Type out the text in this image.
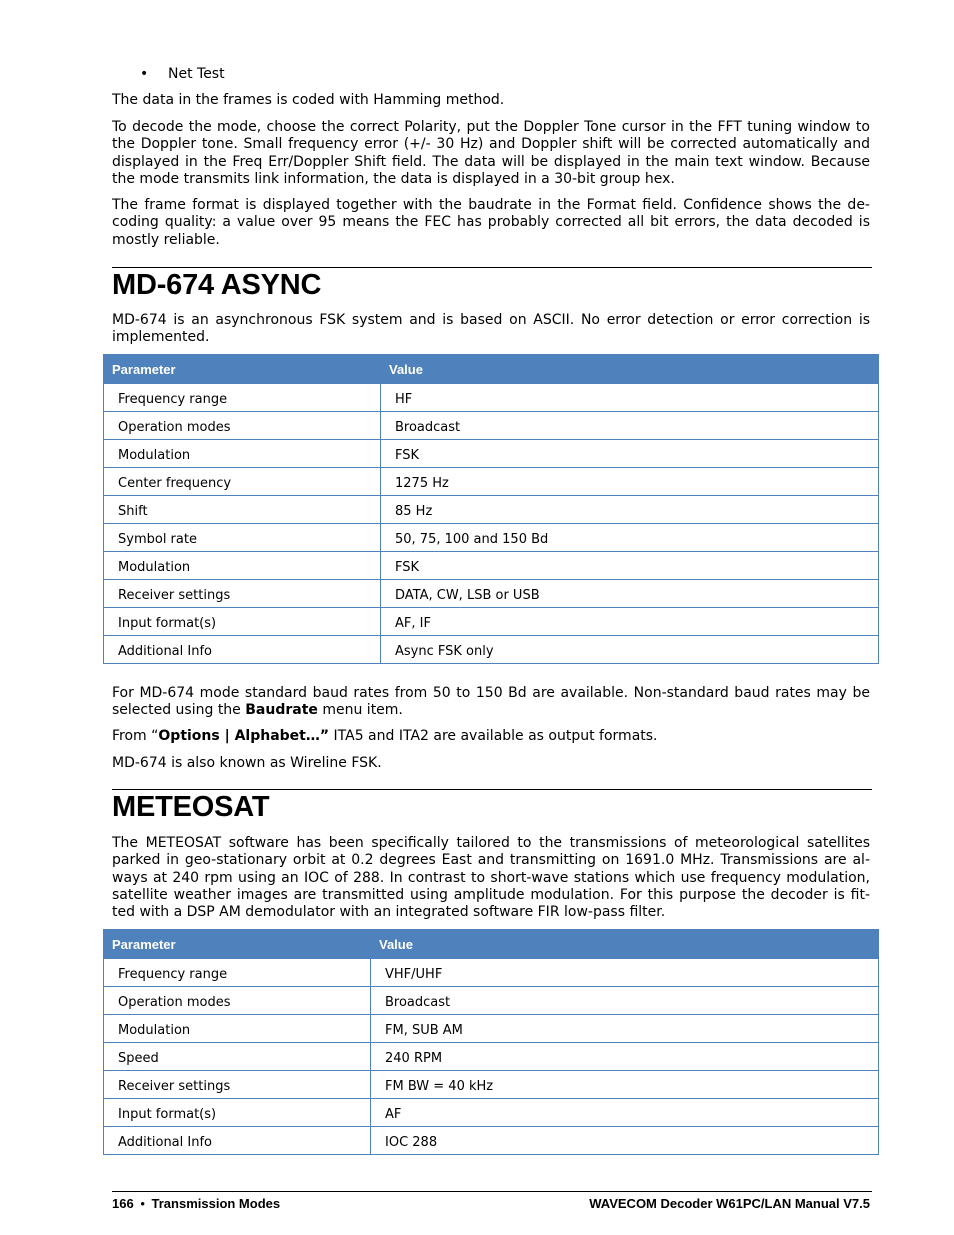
• Net Test

The data in the frames is coded with Hamming method.

To decode the mode, choose the correct Polarity, put the Doppler Tone cursor in the FFT tuning window to the Doppler tone. Small frequency error (+/- 30 Hz) and Doppler shift will be corrected automatically and displayed in the Freq Err/Doppler Shift field. The data will be displayed in the main text window. Because the mode transmits link information, the data is displayed in a 30-bit group hex.

The frame format is displayed together with the baudrate in the Format field. Confidence shows the de-coding quality: a value over 95 means the FEC has probably corrected all bit errors, the data decoded is mostly reliable.

MD-674 ASYNC

MD-674 is an asynchronous FSK system and is based on ASCII. No error detection or error correction is implemented.

Parameter	Value
Frequency range	HF
Operation modes	Broadcast
Modulation	FSK
Center frequency	1275 Hz
Shift	85 Hz
Symbol rate	50, 75, 100 and 150 Bd
Modulation	FSK
Receiver settings	DATA, CW, LSB or USB
Input format(s)	AF, IF
Additional Info	Async FSK only

For MD-674 mode standard baud rates from 50 to 150 Bd are available. Non-standard baud rates may be selected using the Baudrate menu item.

From “Options | Alphabet…” ITA5 and ITA2 are available as output formats.

MD-674 is also known as Wireline FSK.

METEOSAT

The METEOSAT software has been specifically tailored to the transmissions of meteorological satellites parked in geo-stationary orbit at 0.2 degrees East and transmitting on 1691.0 MHz. Transmissions are al-ways at 240 rpm using an IOC of 288. In contrast to short-wave stations which use frequency modulation, satellite weather images are transmitted using amplitude modulation. For this purpose the decoder is fit-ted with a DSP AM demodulator with an integrated software FIR low-pass filter.

Parameter	Value
Frequency range	VHF/UHF
Operation modes	Broadcast
Modulation	FM, SUB AM
Speed	240 RPM
Receiver settings	FM BW = 40 kHz
Input format(s)	AF
Additional Info	IOC 288
166 • Transmission Modes	WAVECOM Decoder W61PC/LAN Manual V7.5
